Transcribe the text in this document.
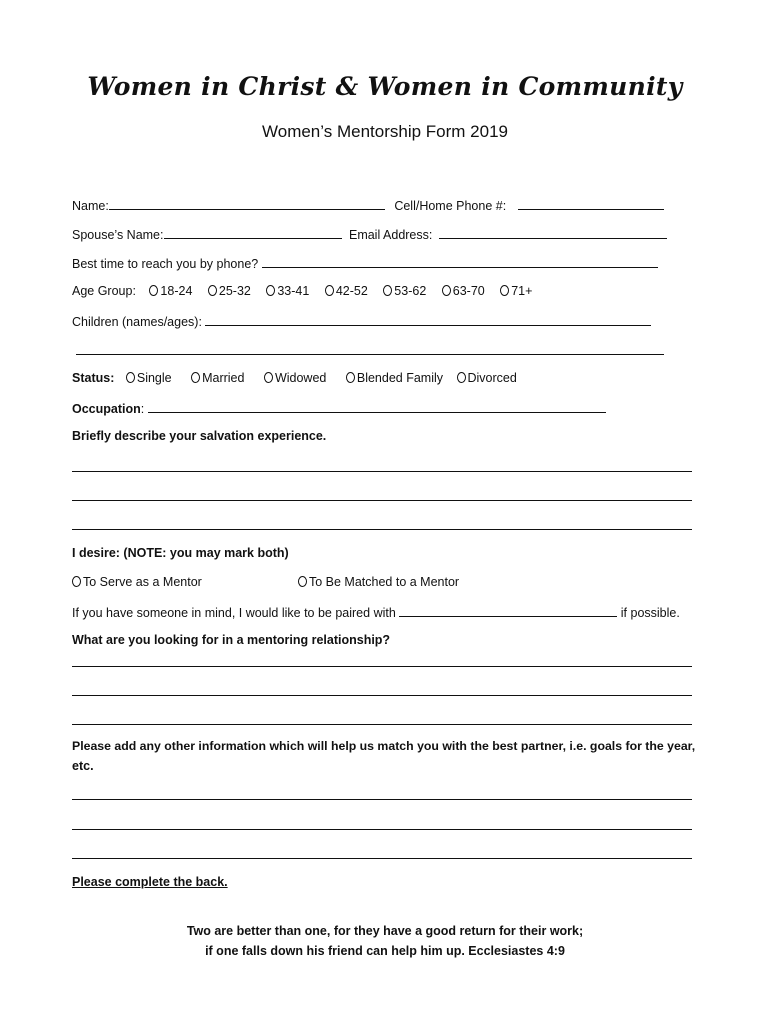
Women in Christ & Women in Community
Women’s Mentorship Form 2019
Name:	Cell/Home Phone #:
Spouse’s Name:	Email Address:
Best time to reach you by phone?
Age Group: 18-24 25-32 33-41 42-52 53-62 63-70 71+
Children (names/ages):
Status: Single Married Widowed Blended Family Divorced
Occupation:
Briefly describe your salvation experience.
I desire: (NOTE: you may mark both)
To Serve as a Mentor	To Be Matched to a Mentor
If you have someone in mind, I would like to be paired with	if possible.
What are you looking for in a mentoring relationship?
Please add any other information which will help us match you with the best partner, i.e. goals for the year,
etc.
Please complete the back.
Two are better than one, for they have a good return for their work;
if one falls down his friend can help him up. Ecclesiastes 4:9
